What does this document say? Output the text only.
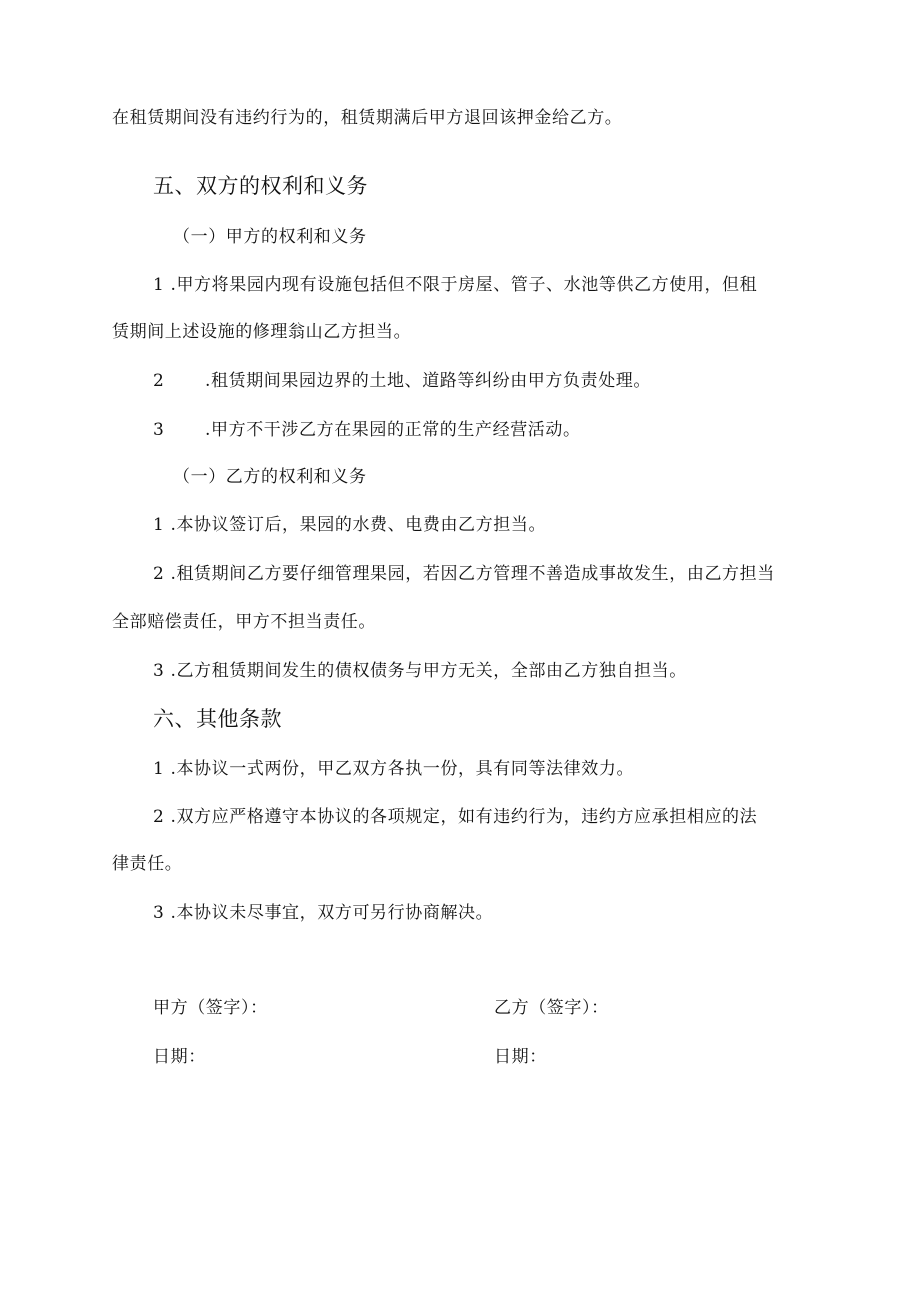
在租赁期间没有违约行为的，租赁期满后甲方退回该押金给乙方。
五、双方的权利和义务
（一）甲方的权利和义务
1 .甲方将果园内现有设施包括但不限于房屋、管子、水池等供乙方使用，但租
赁期间上述设施的修理翁山乙方担当。
2 .租赁期间果园边界的土地、道路等纠纷由甲方负责处理。
3 .甲方不干涉乙方在果园的正常的生产经营活动。
（一）乙方的权利和义务
1 .本协议签订后，果园的水费、电费由乙方担当。
2 .租赁期间乙方要仔细管理果园，若因乙方管理不善造成事故发生，由乙方担当
全部赔偿责任，甲方不担当责任。
3 .乙方租赁期间发生的债权债务与甲方无关，全部由乙方独自担当。
六、其他条款
1 .本协议一式两份，甲乙双方各执一份，具有同等法律效力。
2 .双方应严格遵守本协议的各项规定，如有违约行为，违约方应承担相应的法
律责任。
3 .本协议未尽事宜，双方可另行协商解决。
甲方（签字）：	乙方（签字）：
日期：	日期：
